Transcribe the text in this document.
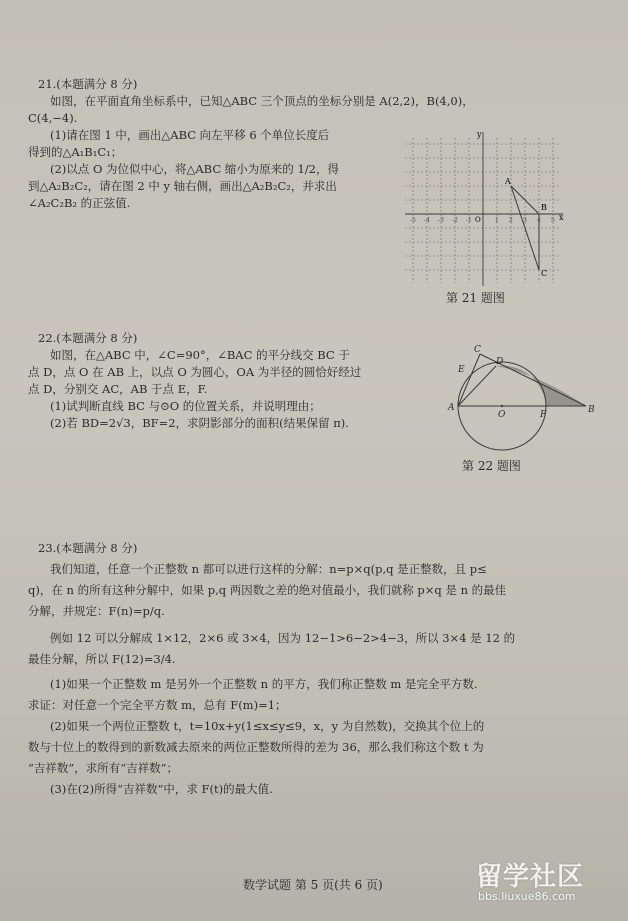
21.(本题满分 8 分)
如图，在平面直角坐标系中，已知△ABC 三个顶点的坐标分别是 A(2,2)，B(4,0)，
C(4,−4).
(1)请在图 1 中，画出△ABC 向左平移 6 个单位长度后
得到的△A₁B₁C₁；
(2)以点 O 为位似中心，将△ABC 缩小为原来的 1/2，得
到△A₂B₂C₂，请在图 2 中 y 轴右侧，画出△A₂B₂C₂，并求出
∠A₂C₂B₂ 的正弦值.
x
y
O
-5 -4 -3 -2 -1	1 2 3 4 5
A
B
C
第 21 题图
22.(本题满分 8 分)
如图，在△ABC 中，∠C=90°，∠BAC 的平分线交 BC 于
点 D，点 O 在 AB 上，以点 O 为圆心，OA 为半径的圆恰好经过
点 D，分别交 AC，AB 于点 E，F.
(1)试判断直线 BC 与⊙O 的位置关系，并说明理由；
(2)若 BD=2√3，BF=2，求阴影部分的面积(结果保留 π).
A	B
C
D
E
F
O
第 22 题图
23.(本题满分 8 分)
我们知道，任意一个正整数 n 都可以进行这样的分解：n=p×q(p,q 是正整数，且 p≤
q)，在 n 的所有这种分解中，如果 p,q 两因数之差的绝对值最小，我们就称 p×q 是 n 的最佳
分解，并规定：F(n)=p/q.
例如 12 可以分解成 1×12，2×6 或 3×4，因为 12−1>6−2>4−3，所以 3×4 是 12 的
最佳分解，所以 F(12)=3/4.
(1)如果一个正整数 m 是另外一个正整数 n 的平方，我们称正整数 m 是完全平方数.
求证：对任意一个完全平方数 m，总有 F(m)=1；
(2)如果一个两位正整数 t，t=10x+y(1≤x≤y≤9，x，y 为自然数)，交换其个位上的
数与十位上的数得到的新数减去原来的两位正整数所得的差为 36，那么我们称这个数 t 为
“吉祥数”，求所有“吉祥数”；
(3)在(2)所得“吉祥数”中，求 F(t)的最大值.
数学试题 第 5 页(共 6 页)	留学社区
bbs.liuxue86.com
